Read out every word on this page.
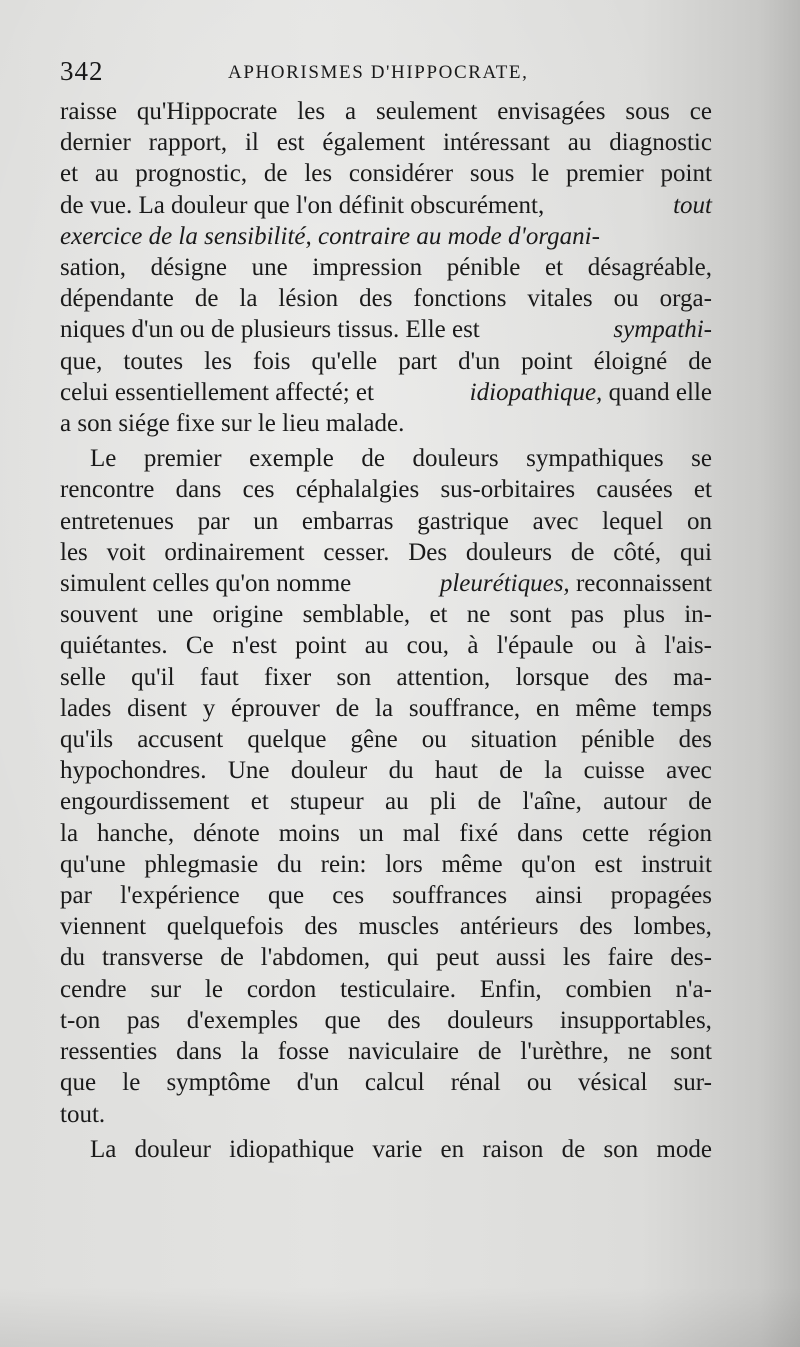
342	APHORISMES D'HIPPOCRATE,
raisse qu'Hippocrate les a seulement envisagées sous ce
dernier rapport, il est également intéressant au diagnostic
et au prognostic, de les considérer sous le premier point
de vue. La douleur que l'on définit obscurément,	tout
exercice de la sensibilité, contraire au mode d'organi-
sation, désigne une impression pénible et désagréable,
dépendante de la lésion des fonctions vitales ou orga-
niques d'un ou de plusieurs tissus. Elle est	sympathi-
que, toutes les fois qu'elle part d'un point éloigné de
celui essentiellement affecté; et	idiopathique, quand elle
a son siége fixe sur le lieu malade.
Le premier exemple de douleurs sympathiques se
rencontre dans ces céphalalgies sus-orbitaires causées et
entretenues par un embarras gastrique avec lequel on
les voit ordinairement cesser. Des douleurs de côté, qui
simulent celles qu'on nomme	pleurétiques, reconnaissent
souvent une origine semblable, et ne sont pas plus in-
quiétantes. Ce n'est point au cou, à l'épaule ou à l'ais-
selle qu'il faut fixer son attention, lorsque des ma-
lades disent y éprouver de la souffrance, en même temps
qu'ils accusent quelque gêne ou situation pénible des
hypochondres. Une douleur du haut de la cuisse avec
engourdissement et stupeur au pli de l'aîne, autour de
la hanche, dénote moins un mal fixé dans cette région
qu'une phlegmasie du rein: lors même qu'on est instruit
par l'expérience que ces souffrances ainsi propagées
viennent quelquefois des muscles antérieurs des lombes,
du transverse de l'abdomen, qui peut aussi les faire des-
cendre sur le cordon testiculaire. Enfin, combien n'a-
t-on pas d'exemples que des douleurs insupportables,
ressenties dans la fosse naviculaire de l'urèthre, ne sont
que le symptôme d'un calcul rénal ou vésical sur-
tout.
La douleur idiopathique varie en raison de son mode
